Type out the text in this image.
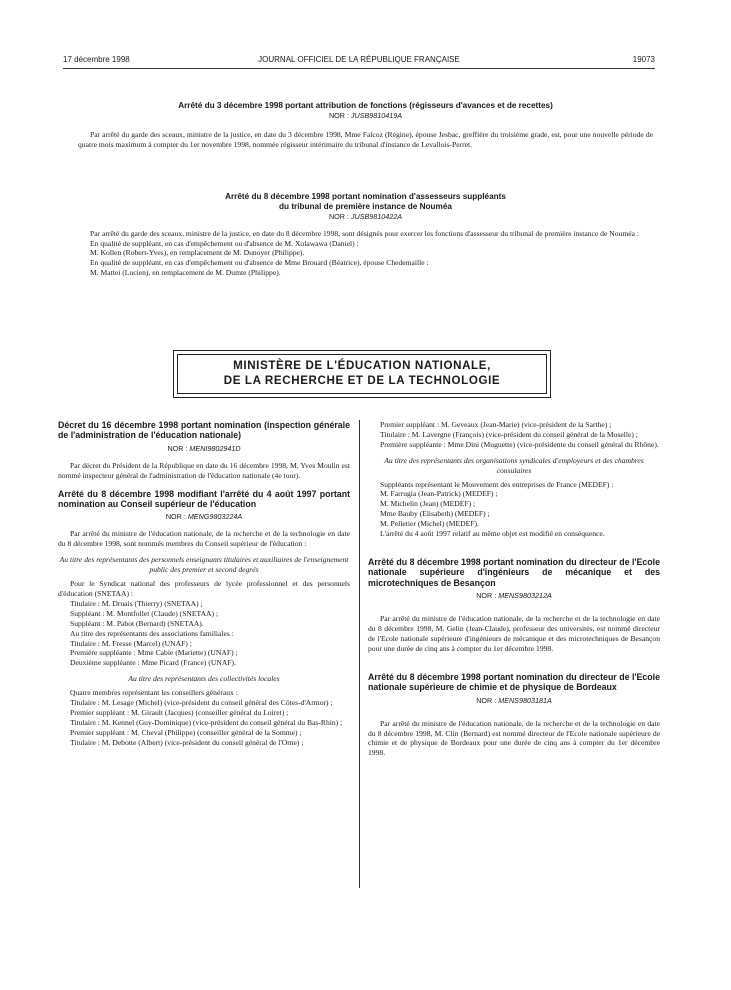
17 décembre 1998	JOURNAL OFFICIEL DE LA RÉPUBLIQUE FRANÇAISE	19073

Arrêté du 3 décembre 1998 portant attribution de fonctions (régisseurs d'avances et de recettes)

NOR : JUSB9810419A

Par arrêté du garde des sceaux, ministre de la justice, en date du 3 décembre 1998, Mme Falcoz (Régine), épouse Jesbac, greffière du troisième grade, est, pour une nouvelle période de quatre mois maximum à compter du 1er novembre 1998, nommée régisseur intérimaire du tribunal d'instance de Levallois-Perret.

Arrêté du 8 décembre 1998 portant nomination d'assesseurs suppléants

du tribunal de première instance de Nouméa

NOR : JUSB9810422A

Par arrêté du garde des sceaux, ministre de la justice, en date du 8 décembre 1998, sont désignés pour exercer les fonctions d'assesseur du tribunal de première instance de Nouméa :

En qualité de suppléant, en cas d'empêchement ou d'absence de M. Xolawawa (Daniel) :

M. Kollen (Robert-Yves), en remplacement de M. Dunoyer (Philippe).

En qualité de suppléant, en cas d'empêchement ou d'absence de Mme Brouard (Béatrice), épouse Chedemaille :

M. Mattei (Lucien), en remplacement de M. Dumte (Philippe).

MINISTÈRE DE L'ÉDUCATION NATIONALE,
DE LA RECHERCHE ET DE LA TECHNOLOGIE

Décret du 16 décembre 1998 portant nomination (inspection générale de l'administration de l'éducation nationale)

NOR : MENI9802941D

Par décret du Président de la République en date du 16 décembre 1998, M. Yves Moulin est nommé inspecteur général de l'administration de l'éducation nationale (4e tour).

Arrêté du 8 décembre 1998 modifiant l'arrêté du 4 août 1997 portant nomination au Conseil supérieur de l'éducation

NOR : MENG9803224A

Par arrêté du ministre de l'éducation nationale, de la recherche et de la technologie en date du 8 décembre 1998, sont nommés membres du Conseil supérieur de l'éducation :

Au titre des représentants des personnels enseignants titulaires et auxiliaires de l'enseignement public des premier et second degrés

Pour le Syndicat national des professeurs de lycée professionnel et des personnels d'éducation (SNETAA) :

Titulaire : M. Druais (Thierry) (SNETAA) ;

Suppléant : M. Montfollet (Claude) (SNETAA) ;

Suppléant : M. Pabot (Bernard) (SNETAA).

Au titre des représentants des associations familiales :

Titulaire : M. Fresse (Marcel) (UNAF) ;

Première suppléante : Mme Cabie (Mariette) (UNAF) ;

Deuxième suppléante : Mme Picard (France) (UNAF).

Au titre des représentants des collectivités locales

Quatre membres représentant les conseillers généraux :

Titulaire : M. Lesage (Michel) (vice-président du conseil général des Côtes-d'Armor) ;

Premier suppléant : M. Girault (Jacques) (conseiller général du Loiret) ;

Titulaire : M. Kennel (Guy-Dominique) (vice-président du conseil général du Bas-Rhin) ;

Premier suppléant : M. Cheval (Philippe) (conseiller général de la Somme) ;

Titulaire : M. Debotte (Albert) (vice-président du conseil général de l'Orne) ;

Premier suppléant : M. Geveaux (Jean-Marie) (vice-président de la Sarthe) ;

Titulaire : M. Lavergne (François) (vice-président du conseil général de la Moselle) ;

Première suppléante : Mme Dini (Muguette) (vice-présidente du conseil général du Rhône).

Au titre des représentants des organisations syndicales d'employeurs et des chambres consulaires

Suppléants représentant le Mouvement des entreprises de France (MEDEF) :

M. Farrugia (Jean-Patrick) (MEDEF) ;

M. Michelin (Jean) (MEDEF) ;

Mme Bauby (Elisabeth) (MEDEF) ;

M. Pelletier (Michel) (MEDEF).

L'arrêté du 4 août 1997 relatif au même objet est modifié en conséquence.

Arrêté du 8 décembre 1998 portant nomination du directeur de l'Ecole nationale supérieure d'ingénieurs de mécanique et des microtechniques de Besançon

NOR : MENS9803212A

Par arrêté du ministre de l'éducation nationale, de la recherche et de la technologie en date du 8 décembre 1998, M. Gelin (Jean-Claude), professeur des universités, est nommé directeur de l'Ecole nationale supérieure d'ingénieurs de mécanique et des microtechniques de Besançon pour une durée de cinq ans à compter du 1er décembre 1998.

Arrêté du 8 décembre 1998 portant nomination du directeur de l'Ecole nationale supérieure de chimie et de physique de Bordeaux

NOR : MENS9803181A

Par arrêté du ministre de l'éducation nationale, de la recherche et de la technologie en date du 8 décembre 1998, M. Clin (Bernard) est nommé directeur de l'Ecole nationale supérieure de chimie et de physique de Bordeaux pour une durée de cinq ans à compter du 1er décembre 1998.
